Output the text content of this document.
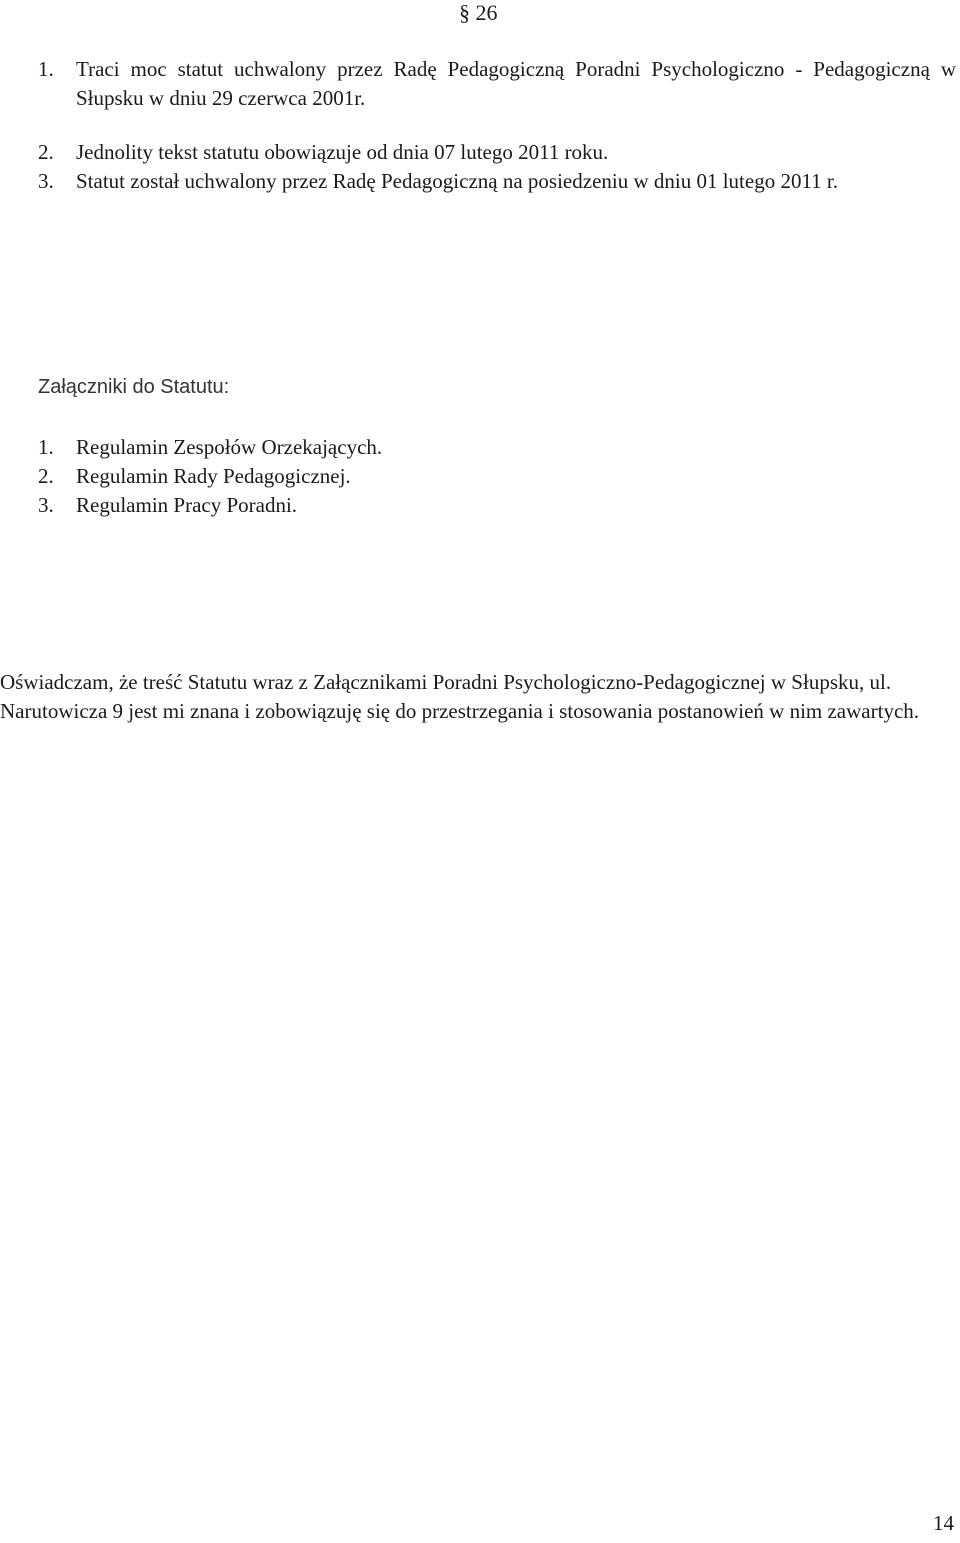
§ 26
1. Traci moc statut uchwalony przez Radę Pedagogiczną Poradni Psychologiczno - Pedagogiczną w Słupsku w dniu 29 czerwca 2001r.
2. Jednolity tekst statutu obowiązuje od dnia 07 lutego 2011 roku.
3. Statut został uchwalony przez Radę Pedagogiczną na posiedzeniu w dniu 01 lutego 2011 r.
Załączniki do Statutu:
1. Regulamin Zespołów Orzekających.
2. Regulamin Rady Pedagogicznej.
3. Regulamin Pracy Poradni.
Oświadczam, że treść Statutu wraz z Załącznikami Poradni Psychologiczno-Pedagogicznej w Słupsku, ul. Narutowicza 9 jest mi znana i zobowiązuję się do przestrzegania i stosowania postanowień w nim zawartych.
14
